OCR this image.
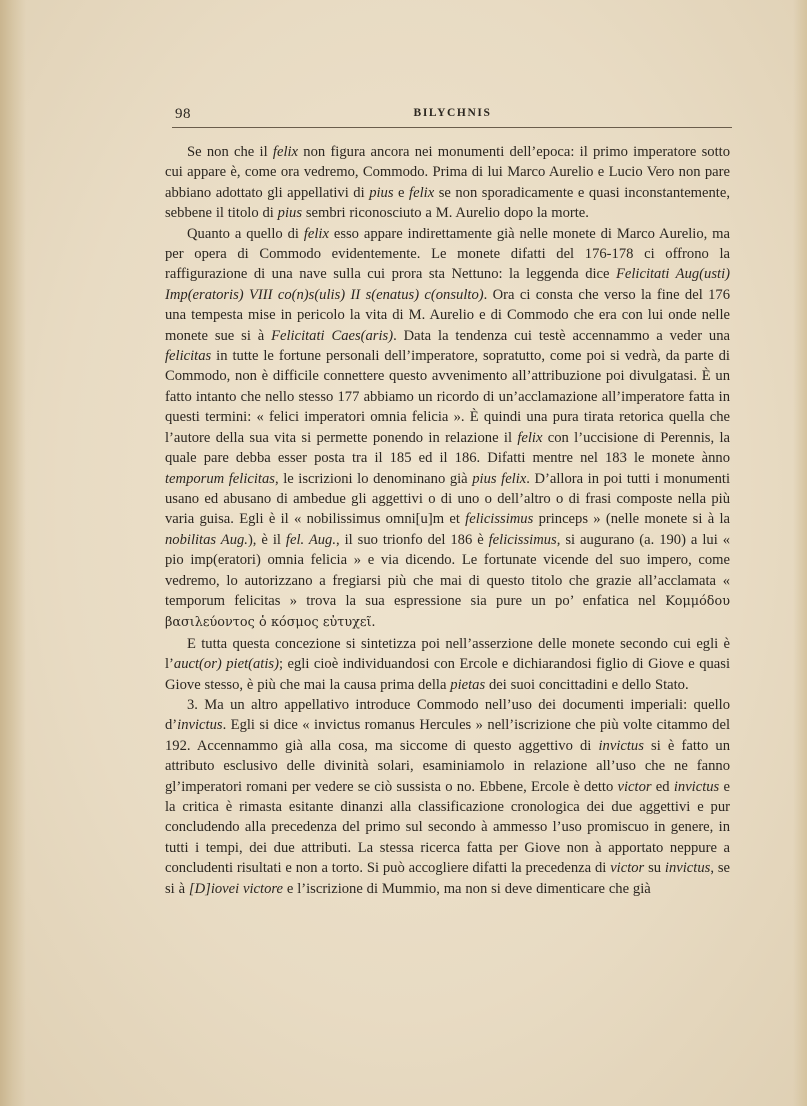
98	BILYCHNIS

Se non che il felix non figura ancora nei monumenti dell’epoca: il primo imperatore sotto cui appare è, come ora vedremo, Commodo. Prima di lui Marco Aurelio e Lucio Vero non pare abbiano adottato gli appellativi di pius e felix se non sporadicamente e quasi inconstantemente, sebbene il titolo di pius sembri riconosciuto a M. Aurelio dopo la morte.

Quanto a quello di felix esso appare indirettamente già nelle monete di Marco Aurelio, ma per opera di Commodo evidentemente. Le monete difatti del 176-178 ci offrono la raffigurazione di una nave sulla cui prora sta Nettuno: la leggenda dice Felicitati Aug(usti) Imp(eratoris) VIII co(n)s(ulis) II s(enatus) c(onsulto). Ora ci consta che verso la fine del 176 una tempesta mise in pericolo la vita di M. Aurelio e di Commodo che era con lui onde nelle monete sue si à Felicitati Caes(aris). Data la tendenza cui testè accennammo a veder una felicitas in tutte le fortune personali dell’imperatore, sopratutto, come poi si vedrà, da parte di Commodo, non è difficile connettere questo avvenimento all’attribuzione poi divulgatasi. È un fatto intanto che nello stesso 177 abbiamo un ricordo di un’acclamazione all’imperatore fatta in questi termini: « felici imperatori omnia felicia ». È quindi una pura tirata retorica quella che l’autore della sua vita si permette ponendo in relazione il felix con l’uccisione di Perennis, la quale pare debba esser posta tra il 185 ed il 186. Difatti mentre nel 183 le monete ànno temporum felicitas, le iscrizioni lo denominano già pius felix. D’allora in poi tutti i monumenti usano ed abusano di ambedue gli aggettivi o di uno o dell’altro o di frasi composte nella più varia guisa. Egli è il « nobilissimus omni[u]m et felicissimus princeps » (nelle monete si à la nobilitas Aug.), è il fel. Aug., il suo trionfo del 186 è felicissimus, si augurano (a. 190) a lui « pio imp(eratori) omnia felicia » e via dicendo. Le fortunate vicende del suo impero, come vedremo, lo autorizzano a fregiarsi più che mai di questo titolo che grazie all’acclamata « temporum felicitas » trova la sua espressione sia pure un po’ enfatica nel Κομμόδου βασιλεύοντος ὁ κόσμος εὐτυχεῖ.

E tutta questa concezione si sintetizza poi nell’asserzione delle monete secondo cui egli è l’auct(or) piet(atis); egli cioè individuandosi con Ercole e dichiarandosi figlio di Giove e quasi Giove stesso, è più che mai la causa prima della pietas dei suoi concittadini e dello Stato.

3. Ma un altro appellativo introduce Commodo nell’uso dei documenti imperiali: quello d’invictus. Egli si dice « invictus romanus Hercules » nell’iscrizione che più volte citammo del 192. Accennammo già alla cosa, ma siccome di questo aggettivo di invictus si è fatto un attributo esclusivo delle divinità solari, esaminiamolo in relazione all’uso che ne fanno gl’imperatori romani per vedere se ciò sussista o no. Ebbene, Ercole è detto victor ed invictus e la critica è rimasta esitante dinanzi alla classificazione cronologica dei due aggettivi e pur concludendo alla precedenza del primo sul secondo à ammesso l’uso promiscuo in genere, in tutti i tempi, dei due attributi. La stessa ricerca fatta per Giove non à apportato neppure a concludenti risultati e non a torto. Si può accogliere difatti la precedenza di victor su invictus, se si à [D]iovei victore e l’iscrizione di Mummio, ma non si deve dimenticare che già
